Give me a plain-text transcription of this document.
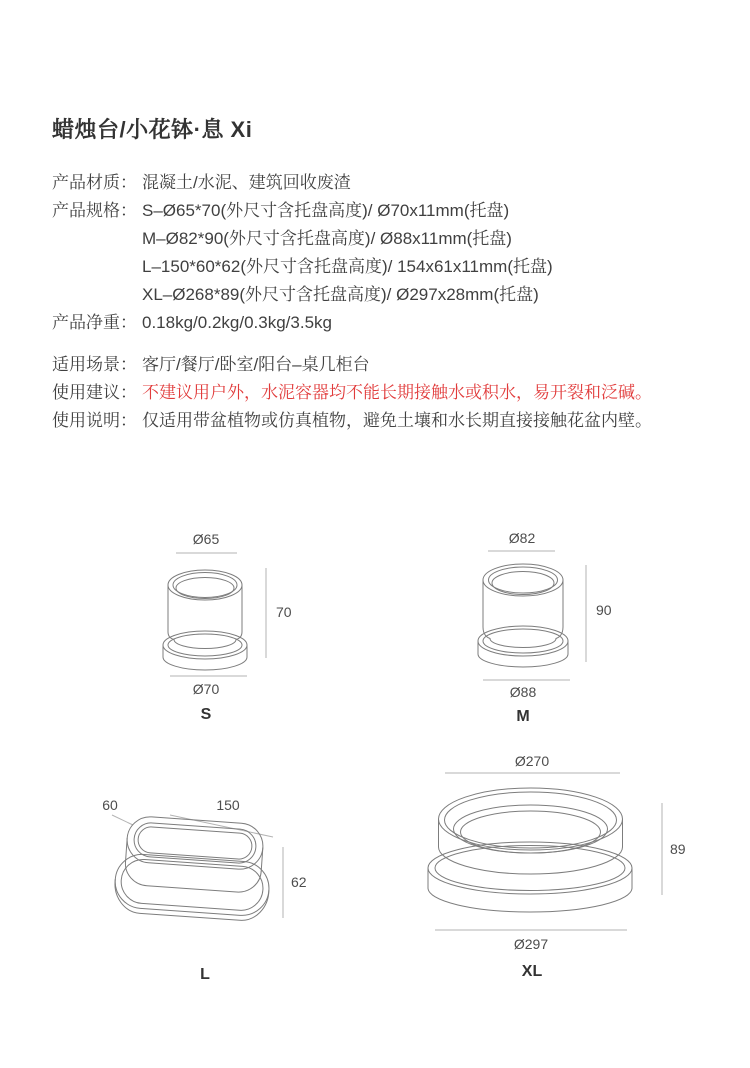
蜡烛台/小花钵·息 Xi
产品材质： 混凝土/水泥、建筑回收废渣
产品规格： S–Ø65*70(外尺寸含托盘高度)/ Ø70x11mm(托盘)
M–Ø82*90(外尺寸含托盘高度)/ Ø88x11mm(托盘)
L–150*60*62(外尺寸含托盘高度)/ 154x61x11mm(托盘)
XL–Ø268*89(外尺寸含托盘高度)/ Ø297x28mm(托盘)
产品净重： 0.18kg/0.2kg/0.3kg/3.5kg
适用场景： 客厅/餐厅/卧室/阳台–桌几柜台
使用建议： 不建议用户外，水泥容器均不能长期接触水或积水，易开裂和泛碱。
使用说明： 仅适用带盆植物或仿真植物，避免土壤和水长期直接接触花盆内壁。
Ø65
70
Ø70
S
Ø82
90
Ø88
M
60	150
62
L
Ø270
89
Ø297
XL
